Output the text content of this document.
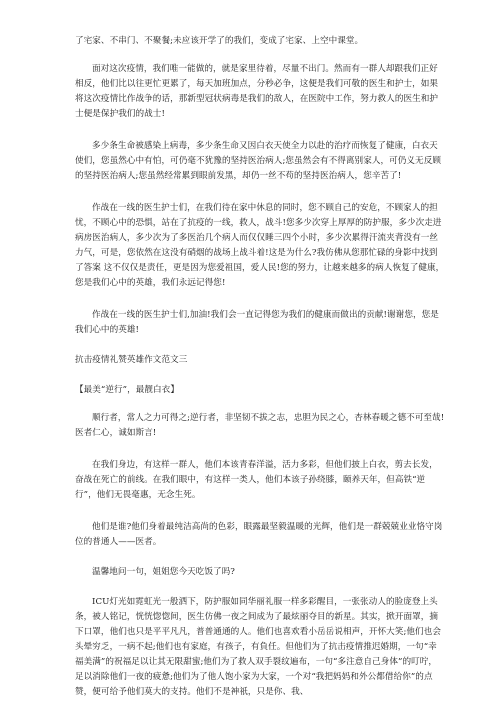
了宅家、不串门、不聚餐;未应该开学了的我们，变成了宅家、上空中课堂。

面对这次疫情，我们唯一能做的，就是家里待着，尽量不出门。然而有一群人却跟我们正好相反，他们比以往更忙更累了，每天加班加点，分秒必争，这便是我们可敬的医生和护士，如果将这次疫情比作战争的话，那新型冠状病毒是我们的敌人，在医院中工作，努力救人的医生和护士便是保护我们的战士!

多少条生命被感染上病毒，多少条生命又因白衣天使全力以赴的治疗而恢复了健康，白衣天使们，您虽然心中有怕，可仍毫不犹豫的坚持医治病人;您虽然会有不得离别家人，可仍义无反顾的坚持医治病人;您虽然经常累到眼前发黑，却仍一丝不苟的坚持医治病人，您辛苦了!

作战在一线的医生护士们，在我们待在家中休息的同时，您不顾自己的安危，不顾家人的担忧，不顾心中的恐惧，站在了抗疫的一线，救人，战斗!您多少次穿上厚厚的防护服，多少次走进病房医治病人，多少次为了多医治几个病人而仅仅睡三四个小时，多少次累得汗流夹背没有一丝力气，可是，您依然在这没有硝烟的战场上战斗着!这是为什么?我仿佛从您那忙碌的身影中找到了答案 这不仅仅是责任，更是因为您爱祖国，爱人民!您的努力，让越来越多的病人恢复了健康，您是我们心中的英雄，我们永远记得您!

作战在一线的医生护士们,加油!我们会一直记得您为我们的健康而做出的贡献!谢谢您，您是我们心中的英雄!

抗击疫情礼赞英雄作文范文三

【最美“逆行”，最靓白衣】

顺行者，常人之力可得之;逆行者，非坚韧不拔之志，忠胆为民之心，杏林春暖之德不可至哉!医者仁心，诚如斯言!

在我们身边，有这样一群人，他们本该青春洋溢，活力多彩，但他们披上白衣，剪去长发，奋战在死亡的前线。在我们眼中，有这样一类人，他们本该子孙绕膝，颐养天年，但高铁“逆行”，他们无畏毫惠，无念生死。

他们是谁?他们身着最纯洁高尚的色彩，眼露最坚毅温暖的光辉，他们是一群兢兢业业恪守岗位的普通人——医者。

温馨地问一句，姐姐您今天吃饭了吗?

ICU灯光如霓虹光一般洒下，防护服如同华丽礼服一样多彩醒目，一张张动人的脸庞登上头条，被人铭记，恍恍惚惚间，医生仿佛一夜之间成为了最炫丽夺目的新星。其实，掀开面罩，摘下口罩，他们也只是平平凡凡，普普通通的人。他们也喜欢看小岳岳说相声，开怀大笑;他们也会头晕穷乏，一病不起;他们也有家庭，有孩子，有負任。但他们为了抗击疫情推迟婚期，一句“幸福美满”的祝福足以让其无限甜蜜;他们为了救人双手裂纹遍布，一句“多注意自己身体”的叮咛，足以消除他们一夜的疲惫;他们为了他人饱小家为大家，一个对“我把妈妈和外公都借给你”的点赞，便可给予他们莫大的支持。他们不是神祇，只是你、我、
